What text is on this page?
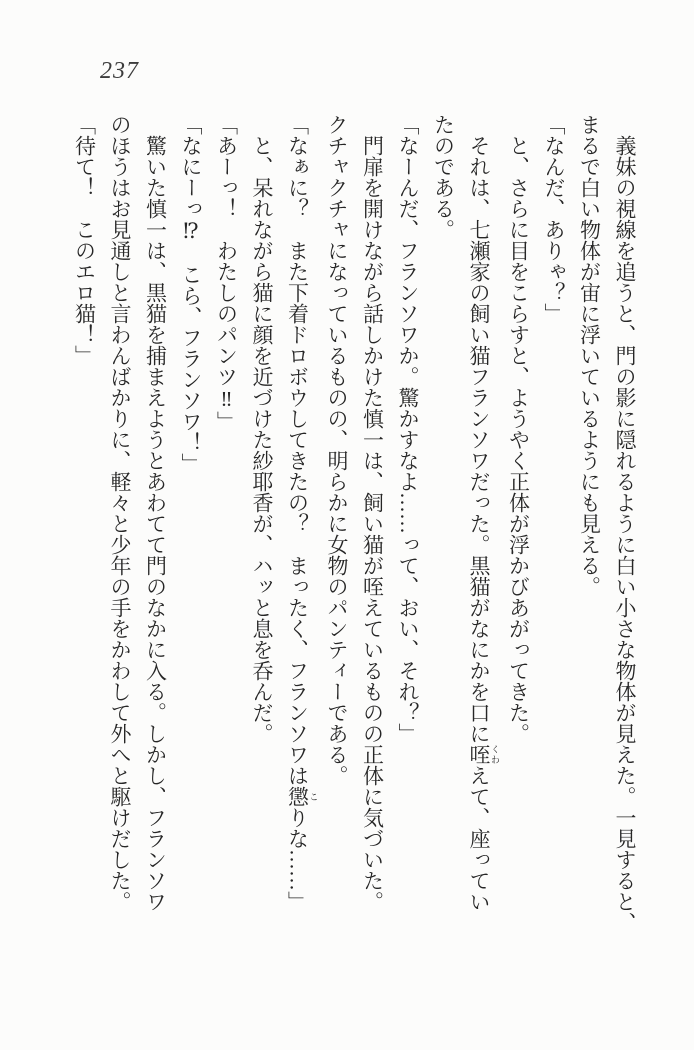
237

　義妹の視線を追うと、門の影に隠れるように白い小さな物体が見えた。一見すると、

まるで白い物体が宙に浮いているようにも見える。

「なんだ、ありゃ？」

　と、さらに目をこらすと、ようやく正体が浮かびあがってきた。

　それは、七瀬家の飼い猫フランソワだった。黒猫がなにかを口に咥 くわえて、座ってい

たのである。

「なーんだ、フランソワか。驚かすなよ……って、おい、それ？」

　門扉を開けながら話しかけた慎一は、飼い猫が咥えているものの正体に気づいた。

クチャクチャになっているものの、明らかに女物のパンティーである。

「なぁに？　また下着ドロボウしてきたの？　まったく、フランソワは懲 こりな……」

　と、呆れながら猫に顔を近づけた紗耶香が、ハッと息を呑んだ。

「あーっ！　わたしのパンツ‼」

「なにーっ⁉　こら、フランソワ！」

　驚いた慎一は、黒猫を捕まえようとあわてて門のなかに入る。しかし、フランソワ

のほうはお見通しと言わんばかりに、軽々と少年の手をかわして外へと駆けだした。

「待て！　このエロ猫！」
